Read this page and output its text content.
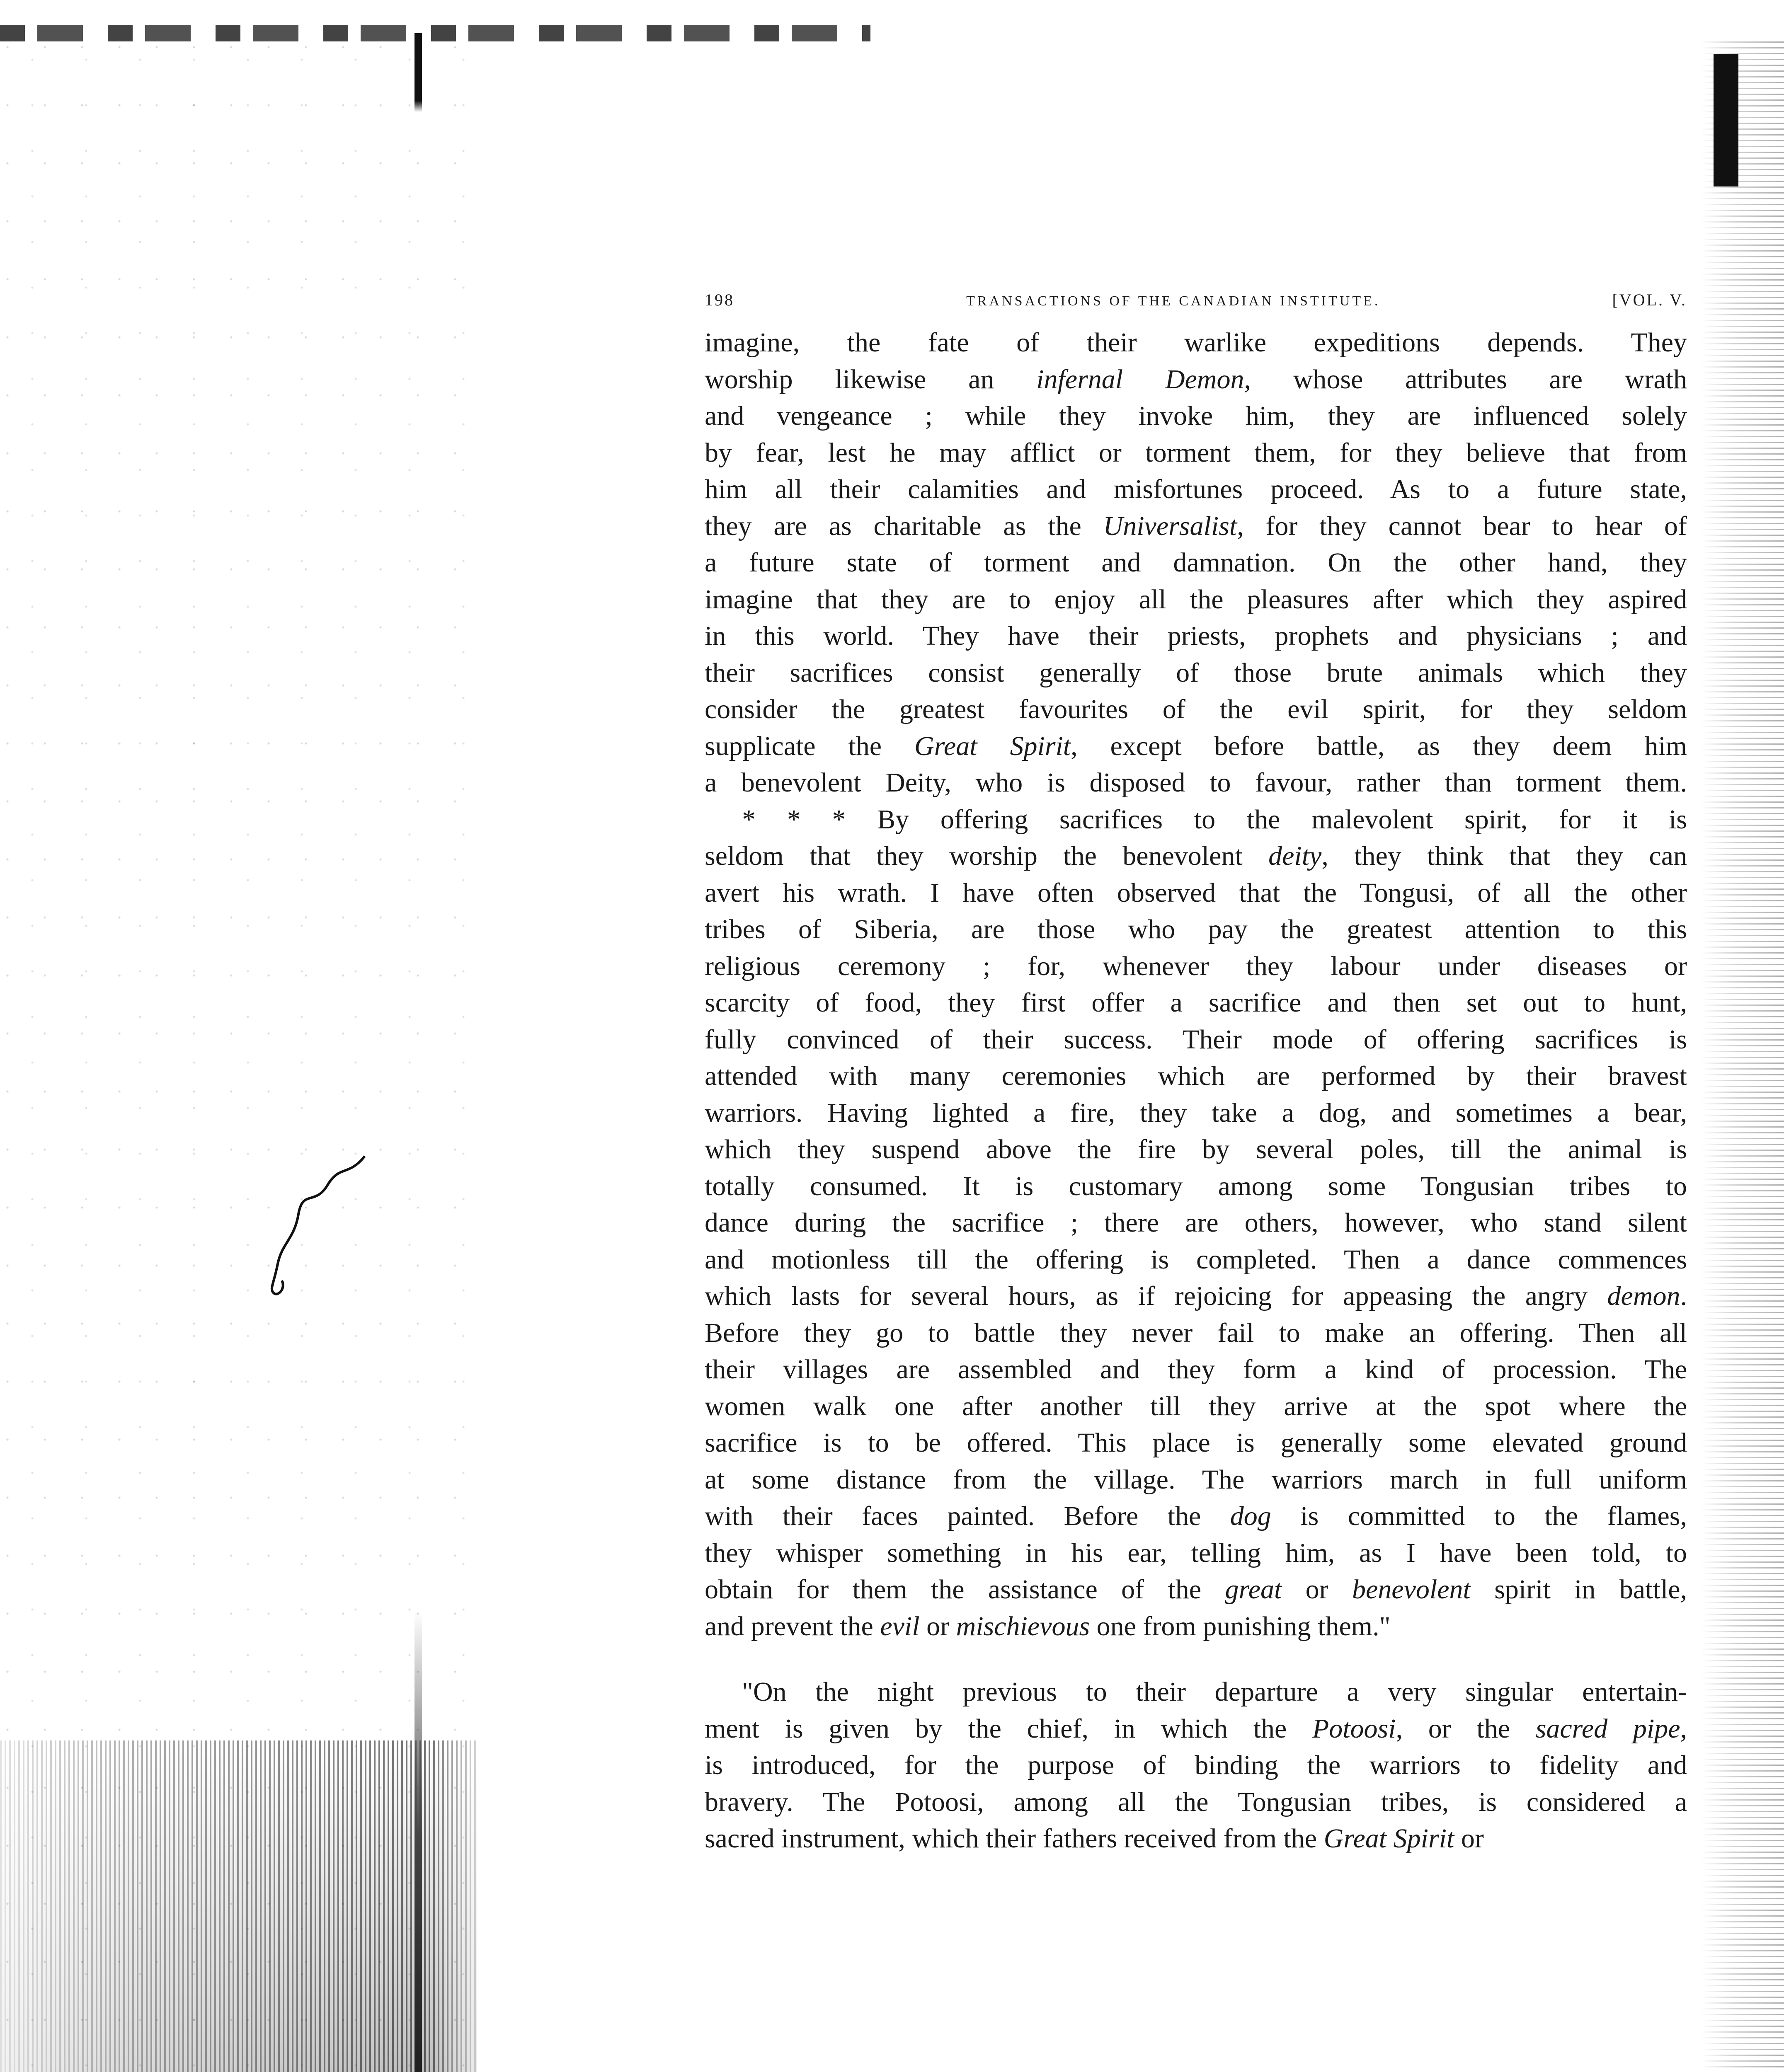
198	TRANSACTIONS OF THE CANADIAN INSTITUTE.	[VOL. V.

imagine, the fate of their warlike expeditions depends. They

worship likewise an infernal Demon, whose attributes are wrath

and vengeance ; while they invoke him, they are influenced solely

by fear, lest he may afflict or torment them, for they believe that from

him all their calamities and misfortunes proceed. As to a future state,

they are as charitable as the Universalist, for they cannot bear to hear of

a future state of torment and damnation. On the other hand, they

imagine that they are to enjoy all the pleasures after which they aspired

in this world. They have their priests, prophets and physicians ; and

their sacrifices consist generally of those brute animals which they

consider the greatest favourites of the evil spirit, for they seldom

supplicate the Great Spirit, except before battle, as they deem him

a benevolent Deity, who is disposed to favour, rather than torment them.

* * * By offering sacrifices to the malevolent spirit, for it is

seldom that they worship the benevolent deity, they think that they can

avert his wrath. I have often observed that the Tongusi, of all the other

tribes of Siberia, are those who pay the greatest attention to this

religious ceremony ; for, whenever they labour under diseases or

scarcity of food, they first offer a sacrifice and then set out to hunt,

fully convinced of their success. Their mode of offering sacrifices is

attended with many ceremonies which are performed by their bravest

warriors. Having lighted a fire, they take a dog, and sometimes a bear,

which they suspend above the fire by several poles, till the animal is

totally consumed. It is customary among some Tongusian tribes to

dance during the sacrifice ; there are others, however, who stand silent

and motionless till the offering is completed. Then a dance commences

which lasts for several hours, as if rejoicing for appeasing the angry demon.

Before they go to battle they never fail to make an offering. Then all

their villages are assembled and they form a kind of procession. The

women walk one after another till they arrive at the spot where the

sacrifice is to be offered. This place is generally some elevated ground

at some distance from the village. The warriors march in full uniform

with their faces painted. Before the dog is committed to the flames,

they whisper something in his ear, telling him, as I have been told, to

obtain for them the assistance of the great or benevolent spirit in battle,

and prevent the evil or mischievous one from punishing them."

"On the night previous to their departure a very singular entertain-

ment is given by the chief, in which the Potoosi, or the sacred pipe,

is introduced, for the purpose of binding the warriors to fidelity and

bravery. The Potoosi, among all the Tongusian tribes, is considered a

sacred instrument, which their fathers received from the Great Spirit or
